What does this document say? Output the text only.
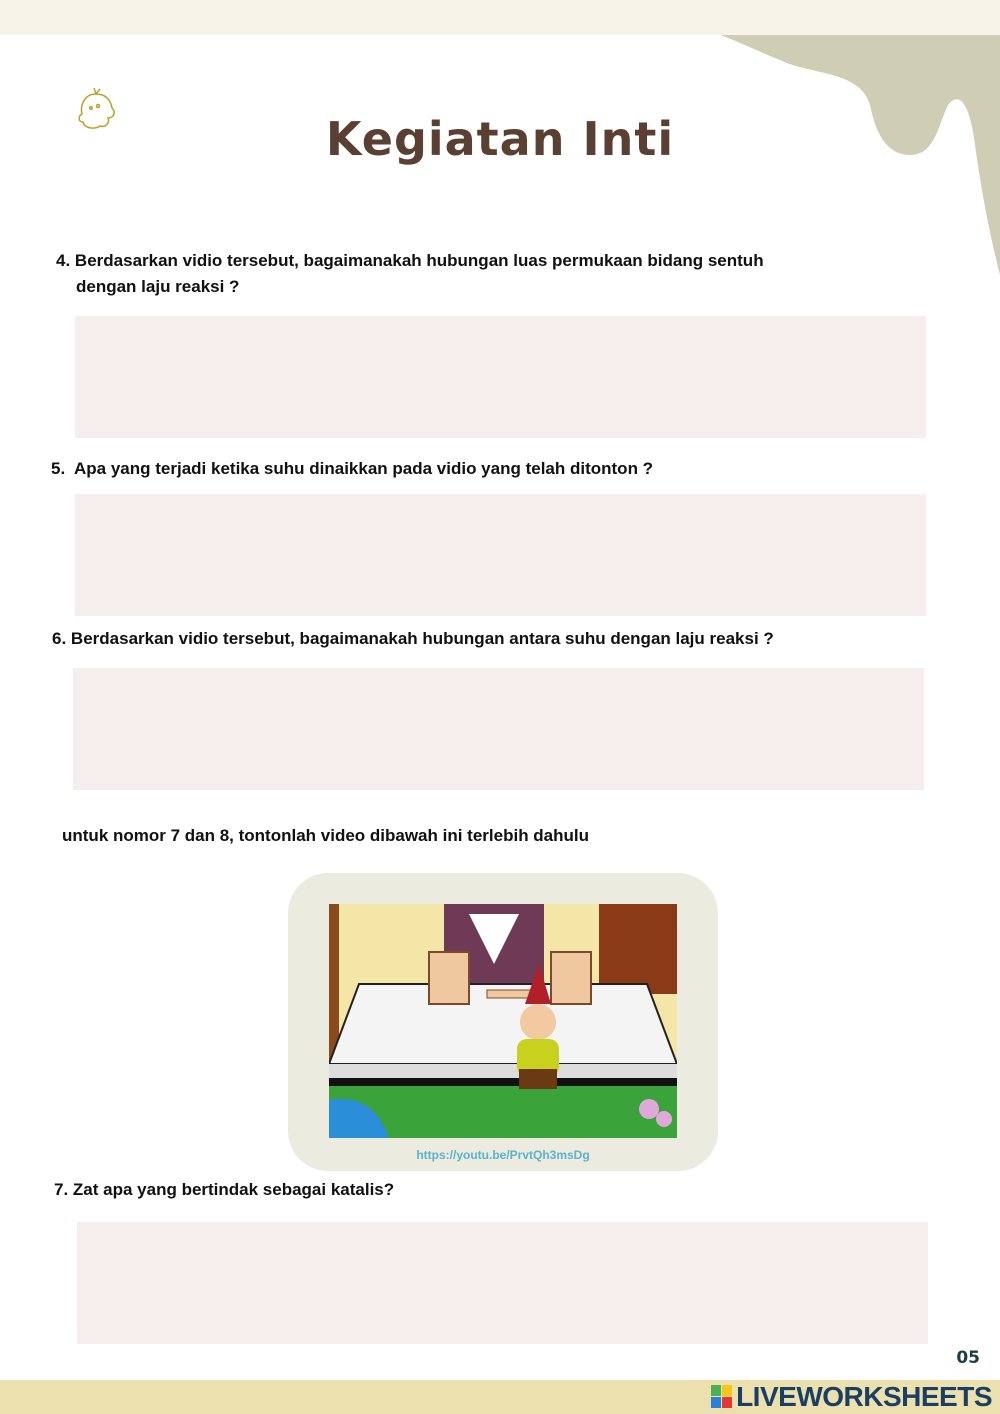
Kegiatan Inti
4. Berdasarkan vidio tersebut, bagaimanakah hubungan luas permukaan bidang sentuh
dengan laju reaksi ?
5. Apa yang terjadi ketika suhu dinaikkan pada vidio yang telah ditonton ?
6. Berdasarkan vidio tersebut, bagaimanakah hubungan antara suhu dengan laju reaksi ?
untuk nomor 7 dan 8, tontonlah video dibawah ini terlebih dahulu
https://youtu.be/PrvtQh3msDg
7. Zat apa yang bertindak sebagai katalis?
05
LIVEWORKSHEETS
